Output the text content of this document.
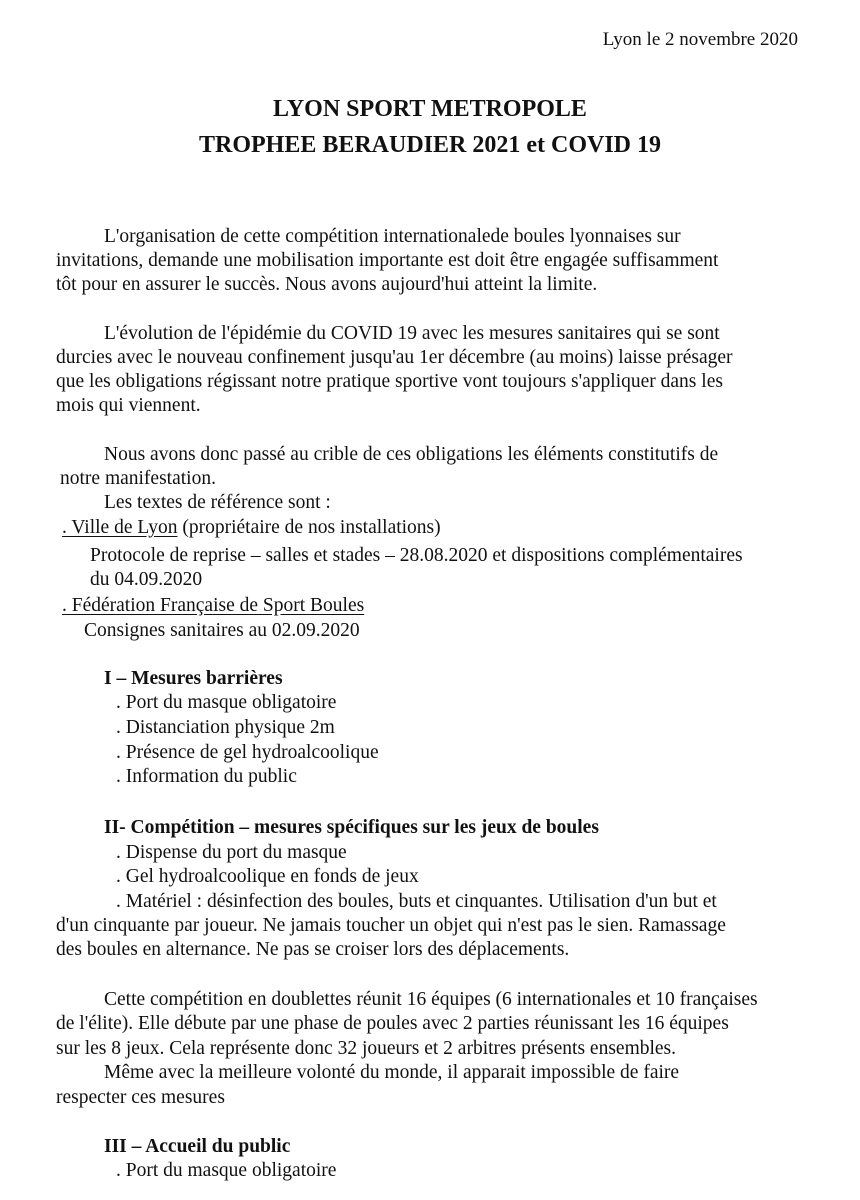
Lyon le 2 novembre 2020
LYON SPORT METROPOLE
TROPHEE BERAUDIER 2021 et COVID 19
L'organisation de cette compétition internationalede boules lyonnaises sur
invitations, demande une mobilisation importante est doit être engagée suffisamment
tôt pour en assurer le succès. Nous avons aujourd'hui atteint la limite.
L'évolution de l'épidémie du COVID 19 avec les mesures sanitaires qui se sont
durcies avec le nouveau confinement jusqu'au 1er décembre (au moins) laisse présager
que les obligations régissant notre pratique sportive vont toujours s'appliquer dans les
mois qui viennent.
Nous avons donc passé au crible de ces obligations les éléments constitutifs de
notre manifestation.
Les textes de référence sont :
. Ville de Lyon (propriétaire de nos installations)
Protocole de reprise – salles et stades – 28.08.2020 et dispositions complémentaires
du 04.09.2020
. Fédération Française de Sport Boules
Consignes sanitaires au 02.09.2020
I – Mesures barrières
. Port du masque obligatoire
. Distanciation physique 2m
. Présence de gel hydroalcoolique
. Information du public
II- Compétition – mesures spécifiques sur les jeux de boules
. Dispense du port du masque
. Gel hydroalcoolique en fonds de jeux
. Matériel : désinfection des boules, buts et cinquantes. Utilisation d'un but et
d'un cinquante par joueur. Ne jamais toucher un objet qui n'est pas le sien. Ramassage
des boules en alternance. Ne pas se croiser lors des déplacements.
Cette compétition en doublettes réunit 16 équipes (6 internationales et 10 françaises
de l'élite). Elle débute par une phase de poules avec 2 parties réunissant les 16 équipes
sur les 8 jeux. Cela représente donc 32 joueurs et 2 arbitres présents ensembles.
Même avec la meilleure volonté du monde, il apparait impossible de faire
respecter ces mesures
III – Accueil du public
. Port du masque obligatoire
